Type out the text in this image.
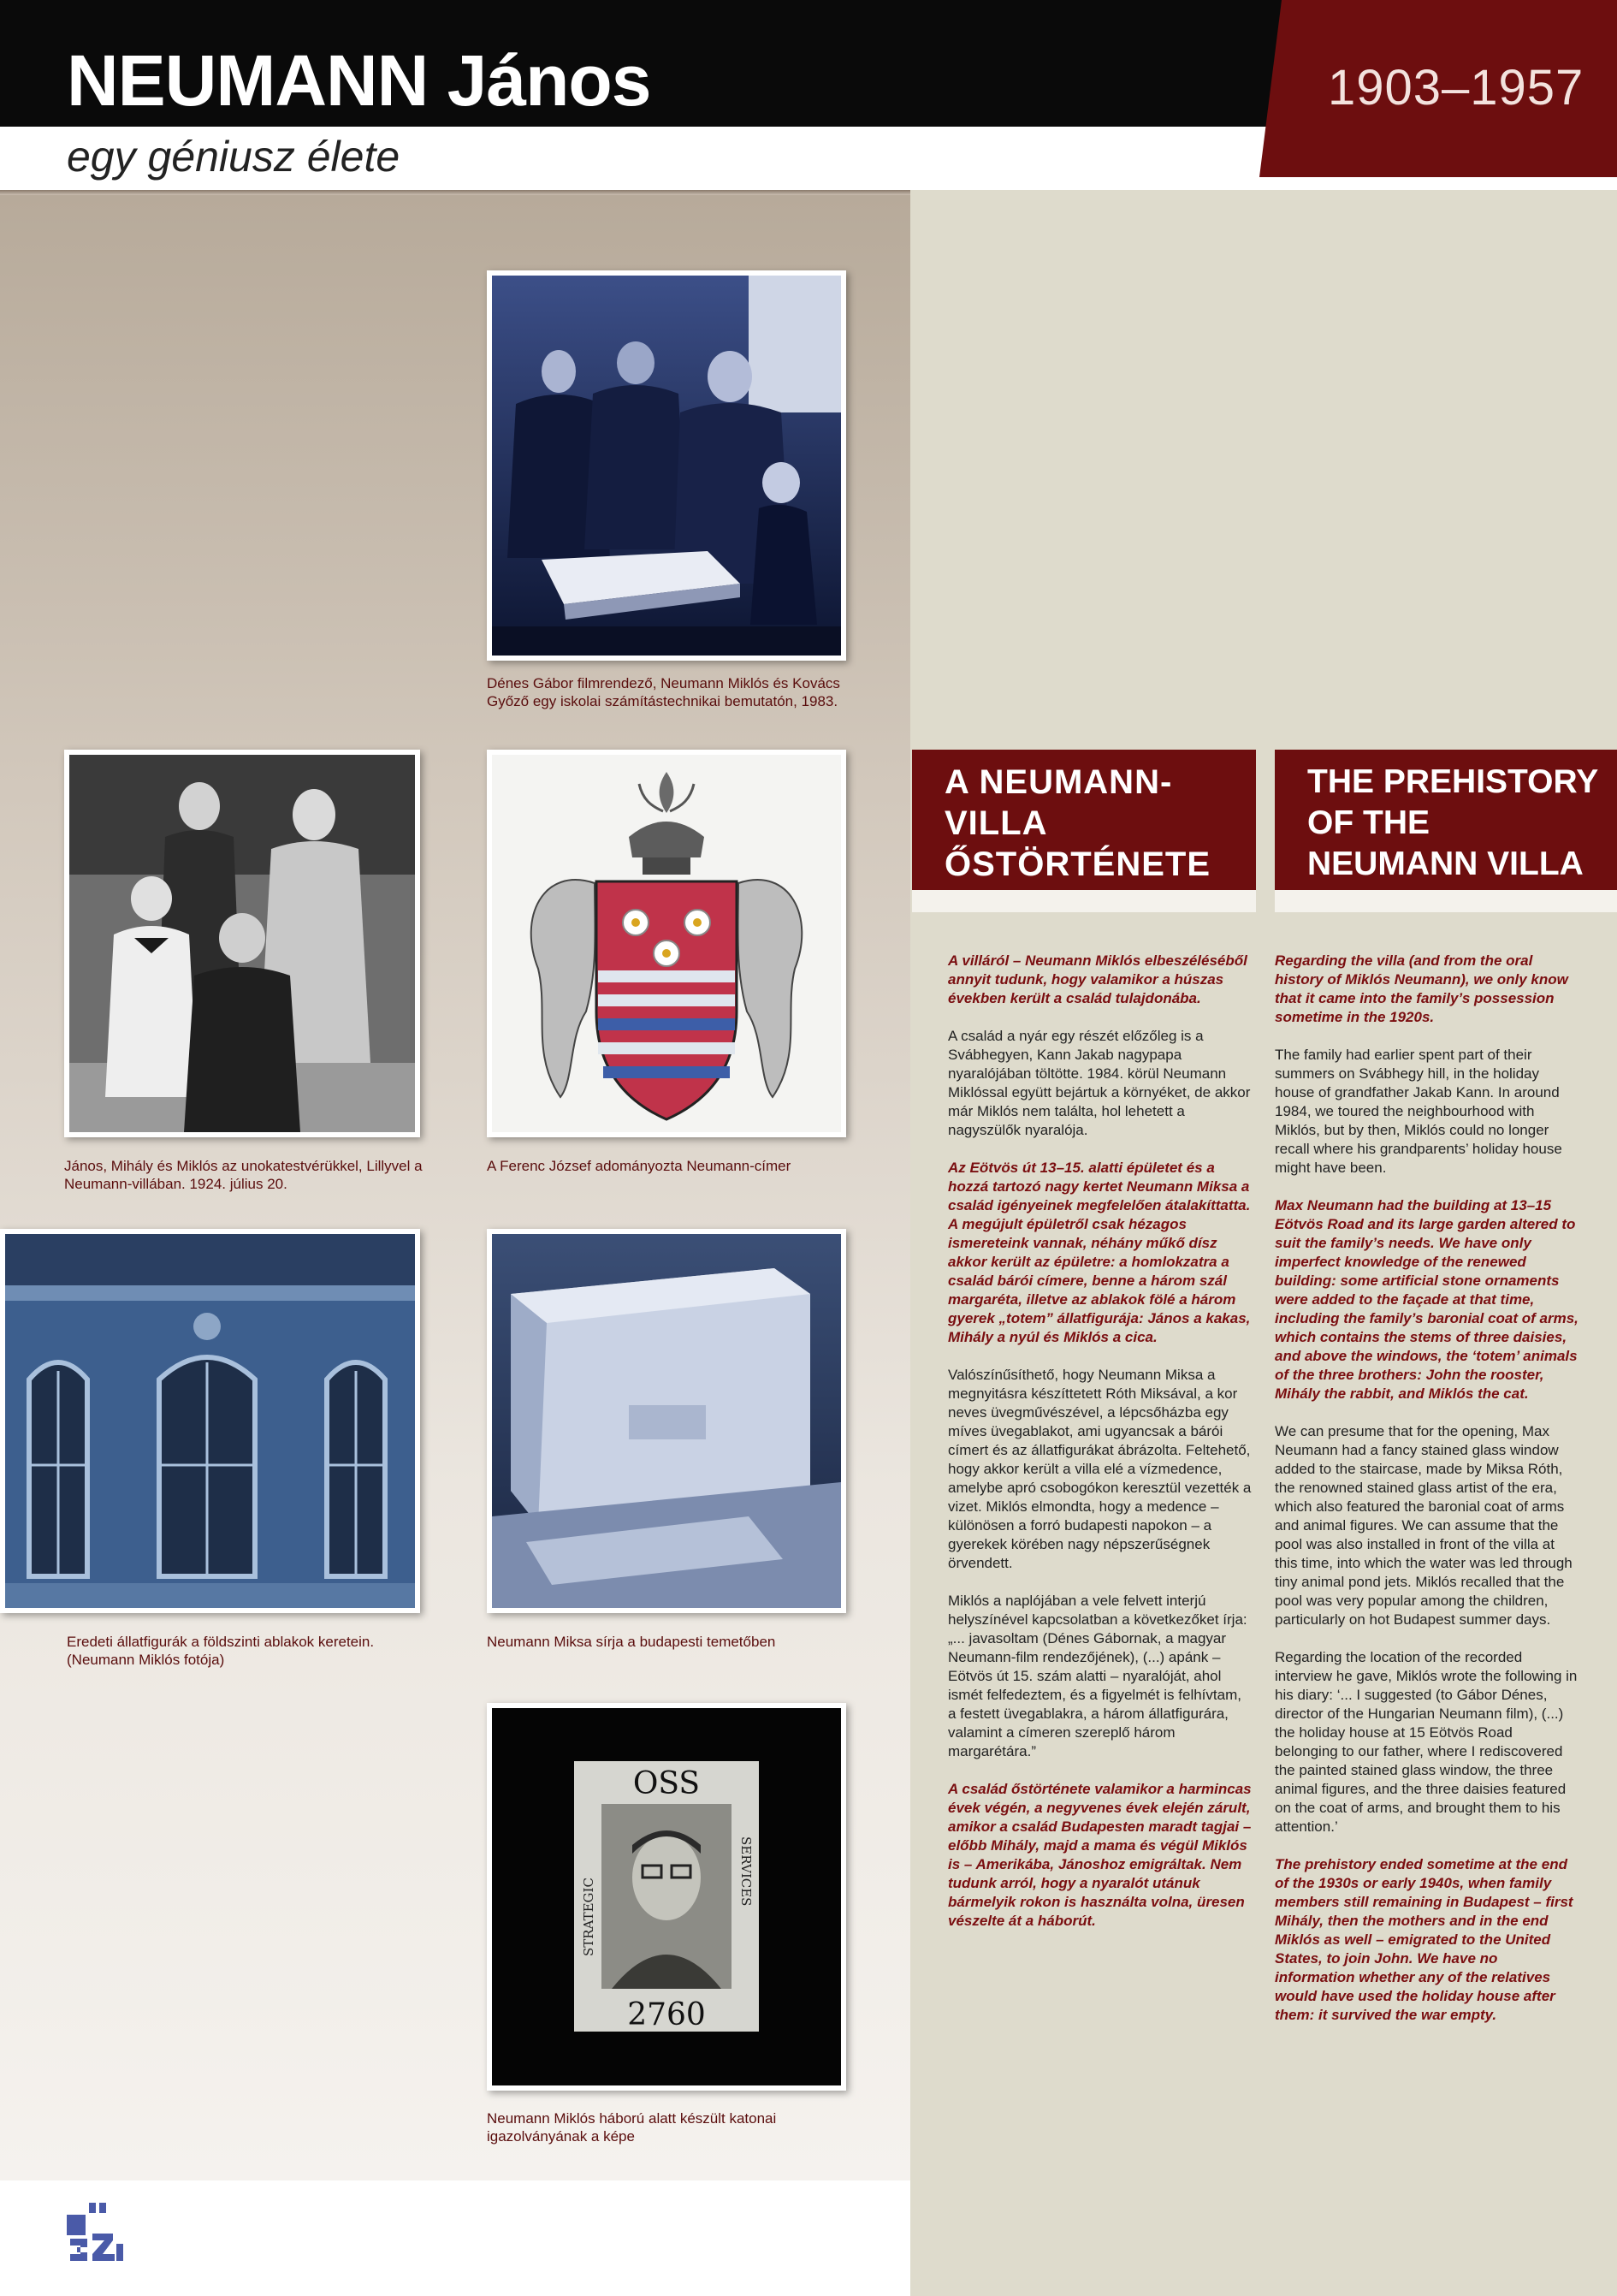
NEUMANN János
egy géniusz élete
1903–1957
Dénes Gábor filmrendező, Neumann Miklós és Kovács Győző egy iskolai számítástechnikai bemutatón, 1983.
János, Mihály és Miklós az unokatestvérükkel, Lillyvel a Neumann-villában. 1924. július 20.
A Ferenc József adományozta Neumann-címer
Eredeti állatfigurák a földszinti ablakok keretein. (Neumann Miklós fotója)
Neumann Miksa sírja a budapesti temetőben
OSS
2760
STRATEGIC
SERVICES
Neumann Miklós háború alatt készült katonai igazolványának a képe
A NEUMANN-
VILLA
ŐSTÖRTÉNETE
THE PREHISTORY
OF THE
NEUMANN VILLA

A villáról – Neumann Miklós elbeszéléséből annyit tudunk, hogy valamikor a húszas években került a család tulajdonába.

A család a nyár egy részét előzőleg is a Svábhegyen, Kann Jakab nagypapa nyaralójában töltötte. 1984. körül Neumann Miklóssal együtt bejártuk a környéket, de akkor már Miklós nem találta, hol lehetett a nagyszülők nyaralója.

Az Eötvös út 13–15. alatti épületet és a hozzá tartozó nagy kertet Neumann Miksa a család igényeinek megfelelően átalakíttatta. A megújult épületről csak hézagos ismereteink vannak, néhány műkő dísz akkor került az épületre: a homlokzatra a család bárói címere, benne a három szál margaréta, illetve az ablakok fölé a három gyerek „totem” állatfigurája: János a kakas, Mihály a nyúl és Miklós a cica.

Valószínűsíthető, hogy Neumann Miksa a megnyitásra készíttetett Róth Miksával, a kor neves üvegművészével, a lépcsőházba egy míves üvegablakot, ami ugyancsak a bárói címert és az állatfigurákat ábrázolta. Feltehető, hogy akkor került a villa elé a vízmedence, amelybe apró csobogókon keresztül vezették a vizet. Miklós elmondta, hogy a medence – különösen a forró budapesti napokon – a gyerekek körében nagy népszerűségnek örvendett.

Miklós a naplójában a vele felvett interjú helyszínével kapcsolatban a következőket írja: „... javasoltam (Dénes Gábornak, a magyar Neumann-film rendezőjének), (...) apánk – Eötvös út 15. szám alatti – nyaralóját, ahol ismét felfedeztem, és a figyelmét is felhívtam, a festett üvegablakra, a három állatfigurára, valamint a címeren szereplő három margarétára.”

A család őstörténete valamikor a harmincas évek végén, a negyvenes évek elején zárult, amikor a család Budapesten maradt tagjai – előbb Mihály, majd a mama és végül Miklós is – Amerikába, Jánoshoz emigráltak. Nem tudunk arról, hogy a nyaralót utánuk bármelyik rokon is használta volna, üresen vészelte át a háborút.

Regarding the villa (and from the oral history of Miklós Neumann), we only know that it came into the family’s possession sometime in the 1920s.

The family had earlier spent part of their summers on Svábhegy hill, in the holiday house of grandfather Jakab Kann. In around 1984, we toured the neighbourhood with Miklós, but by then, Miklós could no longer recall where his grandparents’ holiday house might have been.

Max Neumann had the building at 13–15 Eötvös Road and its large garden altered to suit the family’s needs. We have only imperfect knowledge of the renewed building: some artificial stone ornaments were added to the façade at that time, including the family’s baronial coat of arms, which contains the stems of three daisies, and above the windows, the ‘totem’ animals of the three brothers: John the rooster, Mihály the rabbit, and Miklós the cat.

We can presume that for the opening, Max Neumann had a fancy stained glass window added to the staircase, made by Miksa Róth, the renowned stained glass artist of the era, which also featured the baronial coat of arms and animal figures. We can assume that the pool was also installed in front of the villa at this time, into which the water was led through tiny animal pond jets. Miklós recalled that the pool was very popular among the children, particularly on hot Budapest summer days.

Regarding the location of the recorded interview he gave, Miklós wrote the following in his diary: ‘... I suggested (to Gábor Dénes, director of the Hungarian Neumann film), (...) the holiday house at 15 Eötvös Road belonging to our father, where I rediscovered the painted stained glass window, the three animal figures, and the three daisies featured on the coat of arms, and brought them to his attention.’

The prehistory ended sometime at the end of the 1930s or early 1940s, when family members still remaining in Budapest – first Mihály, then the mothers and in the end Miklós as well – emigrated to the United States, to join John. We have no information whether any of the relatives would have used the holiday house after them: it survived the war empty.
